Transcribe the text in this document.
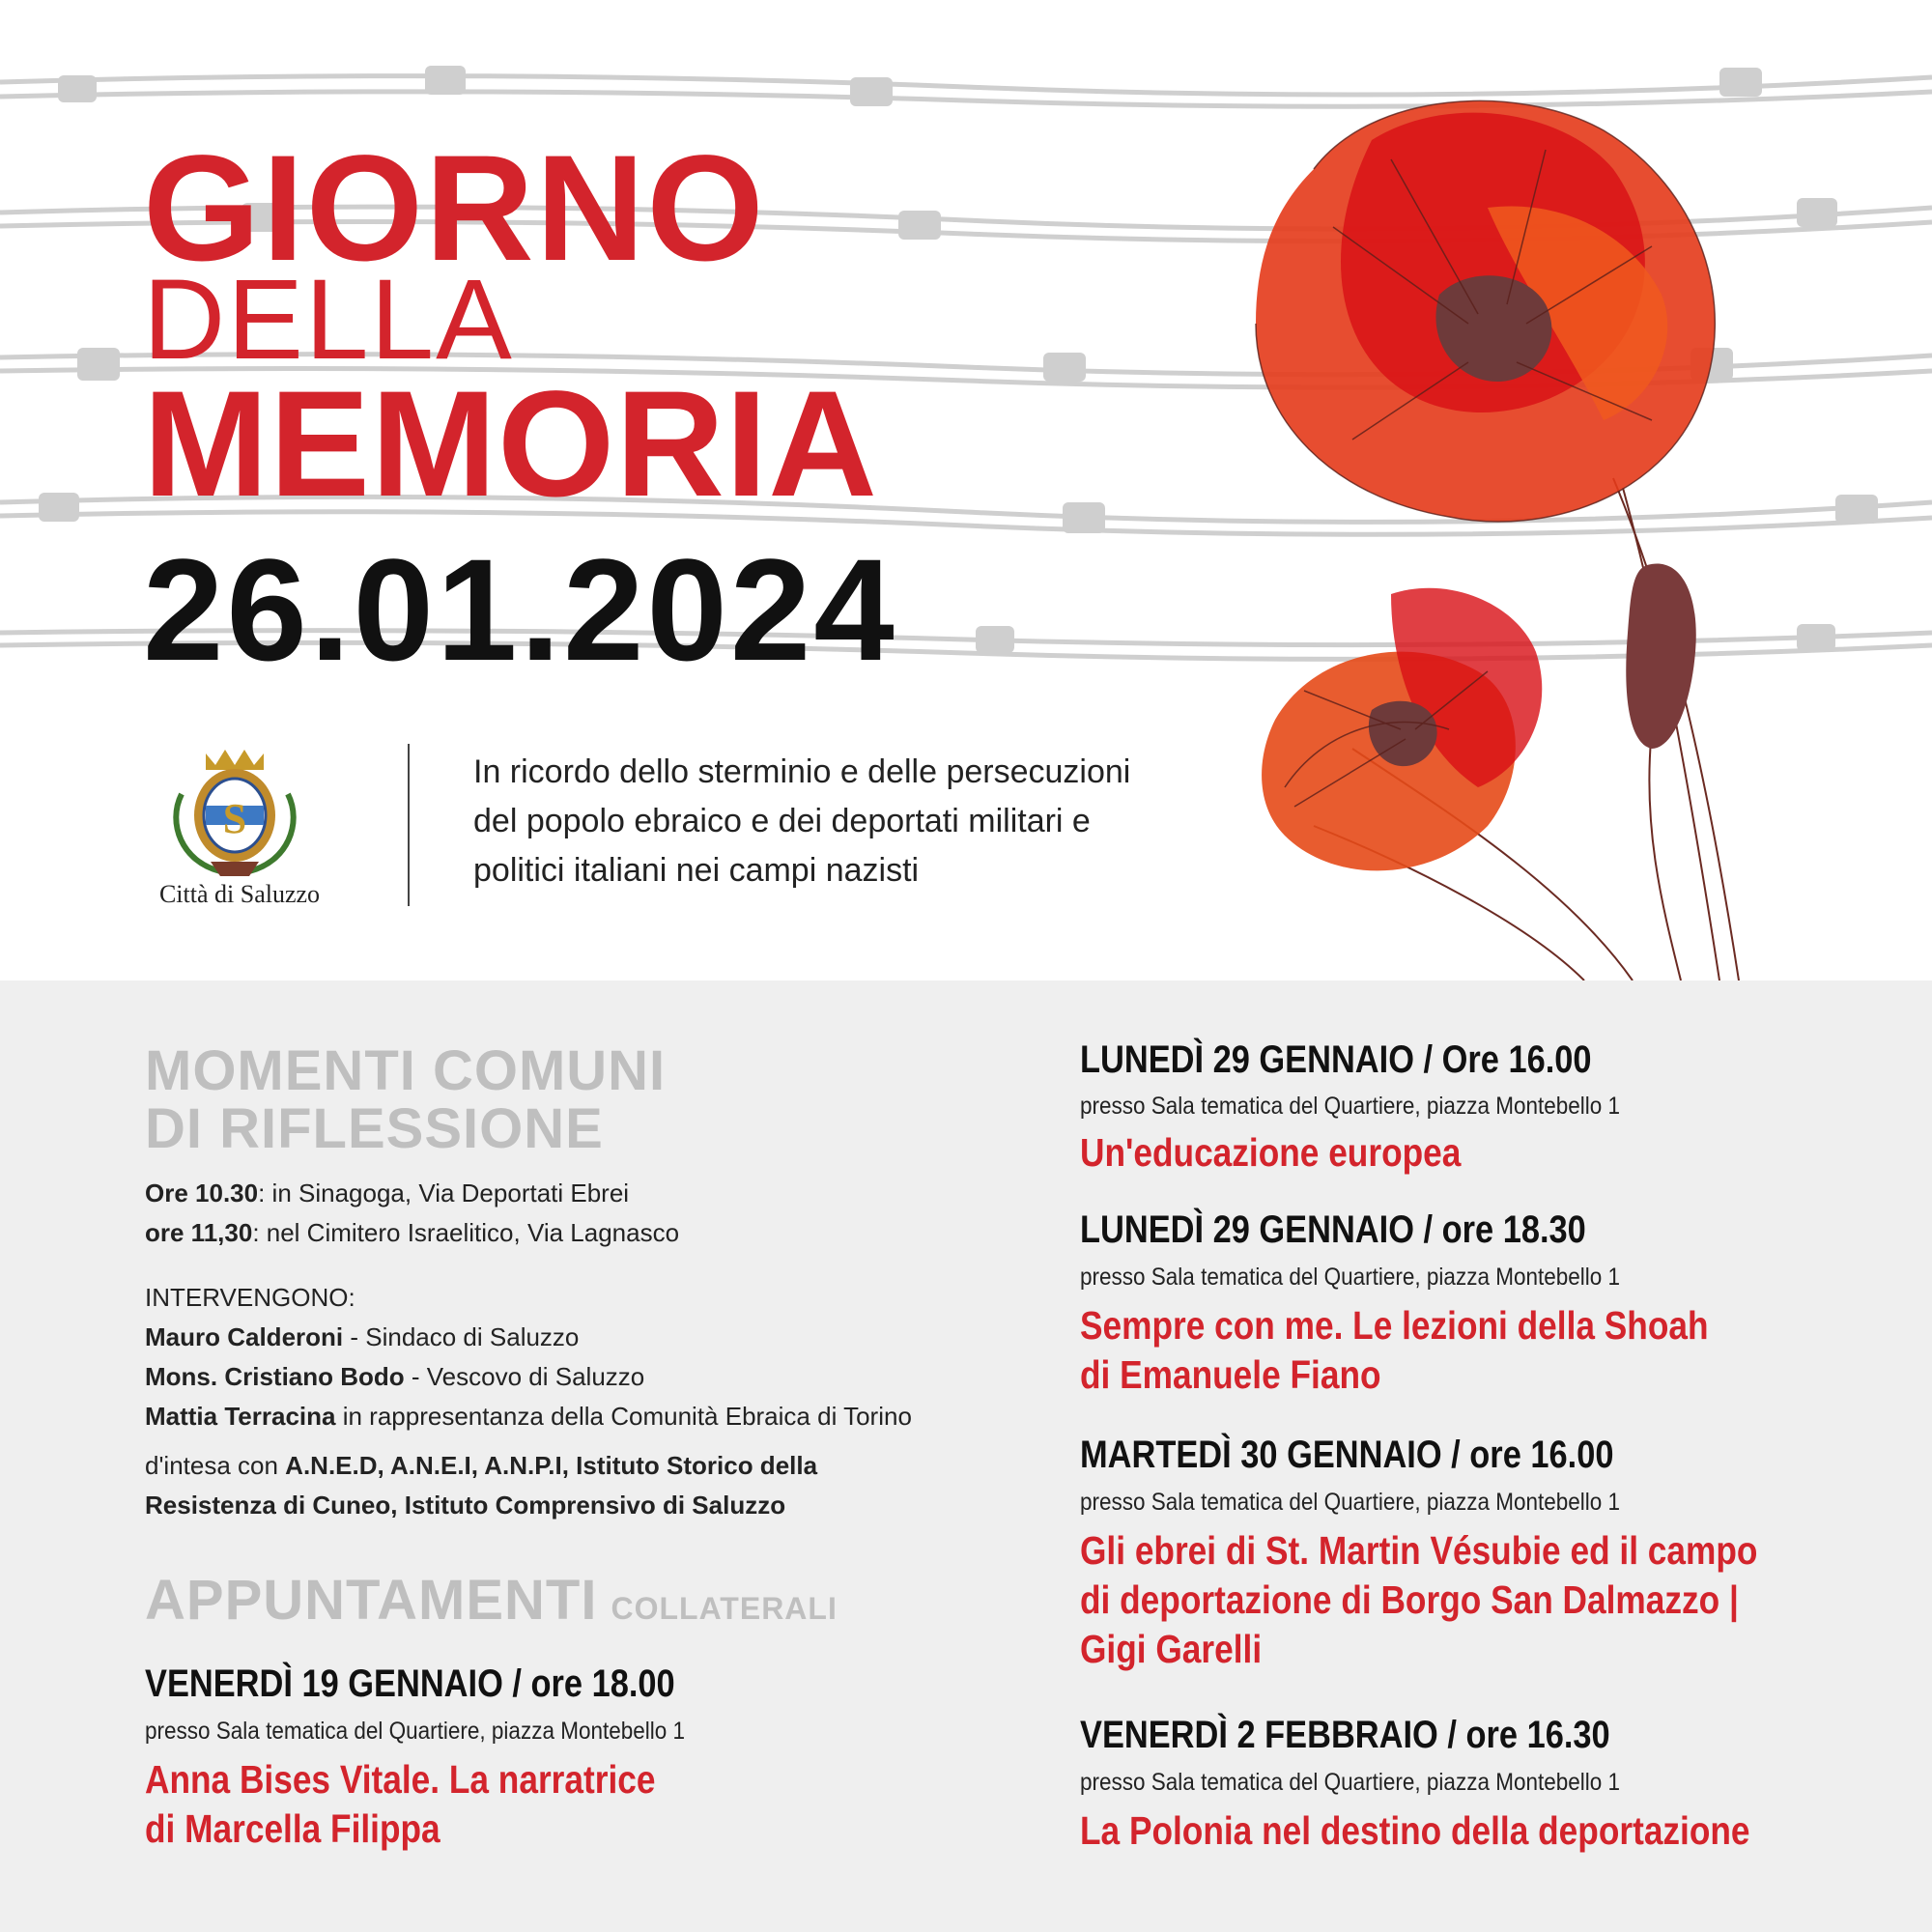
GIORNO
DELLA
MEMORIA
26.01.2024
S
Città di Saluzzo
In ricordo dello sterminio e delle persecuzioni
del popolo ebraico e dei deportati militari e
politici italiani nei campi nazisti
MOMENTI COMUNI
DI RIFLESSIONE
Ore 10.30: in Sinagoga, Via Deportati Ebrei
ore 11,30: nel Cimitero Israelitico, Via Lagnasco
INTERVENGONO:
Mauro Calderoni - Sindaco di Saluzzo
Mons. Cristiano Bodo - Vescovo di Saluzzo
Mattia Terracina in rappresentanza della Comunità Ebraica di Torino
d'intesa con A.N.E.D, A.N.E.I, A.N.P.I, Istituto Storico della
Resistenza di Cuneo, Istituto Comprensivo di Saluzzo
APPUNTAMENTI COLLATERALI
VENERDÌ 19 GENNAIO / ore 18.00
presso Sala tematica del Quartiere, piazza Montebello 1
Anna Bises Vitale. La narratrice
di Marcella Filippa
LUNEDÌ 29 GENNAIO / Ore 16.00
presso Sala tematica del Quartiere, piazza Montebello 1
Un'educazione europea
LUNEDÌ 29 GENNAIO / ore 18.30
presso Sala tematica del Quartiere, piazza Montebello 1
Sempre con me. Le lezioni della Shoah
di Emanuele Fiano
MARTEDÌ 30 GENNAIO / ore 16.00
presso Sala tematica del Quartiere, piazza Montebello 1
Gli ebrei di St. Martin Vésubie ed il campo
di deportazione di Borgo San Dalmazzo |
Gigi Garelli
VENERDÌ 2 FEBBRAIO / ore 16.30
presso Sala tematica del Quartiere, piazza Montebello 1
La Polonia nel destino della deportazione
